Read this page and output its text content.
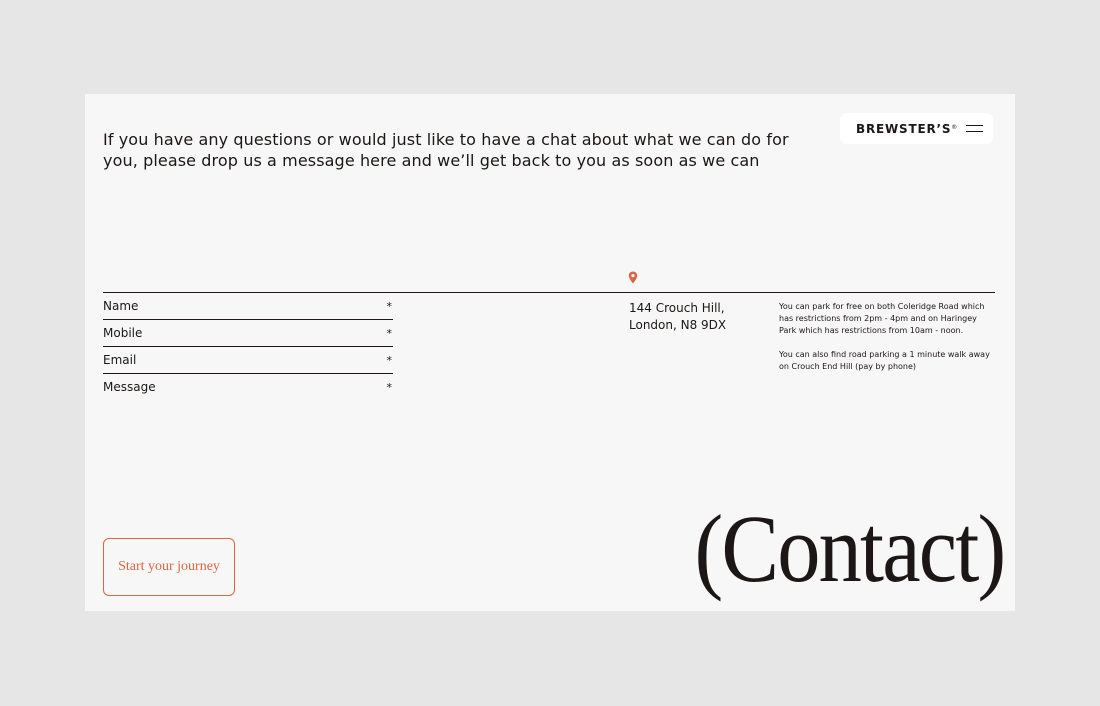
If you have any questions or would just like to have a chat about what we can do for you, please drop us a message here and we’ll get back to you as soon as we can

BREWSTER’S®
Name	*
Mobile	*
Email	*
Message	*
144 Crouch Hill,
London, N8 9DX

You can park for free on both Coleridge Road which has restrictions from 2pm - 4pm and on Haringey Park which has restrictions from 10am - noon.

You can also find road parking a 1 minute walk away on Crouch End Hill (pay by phone)

Start your journey	(Contact)
